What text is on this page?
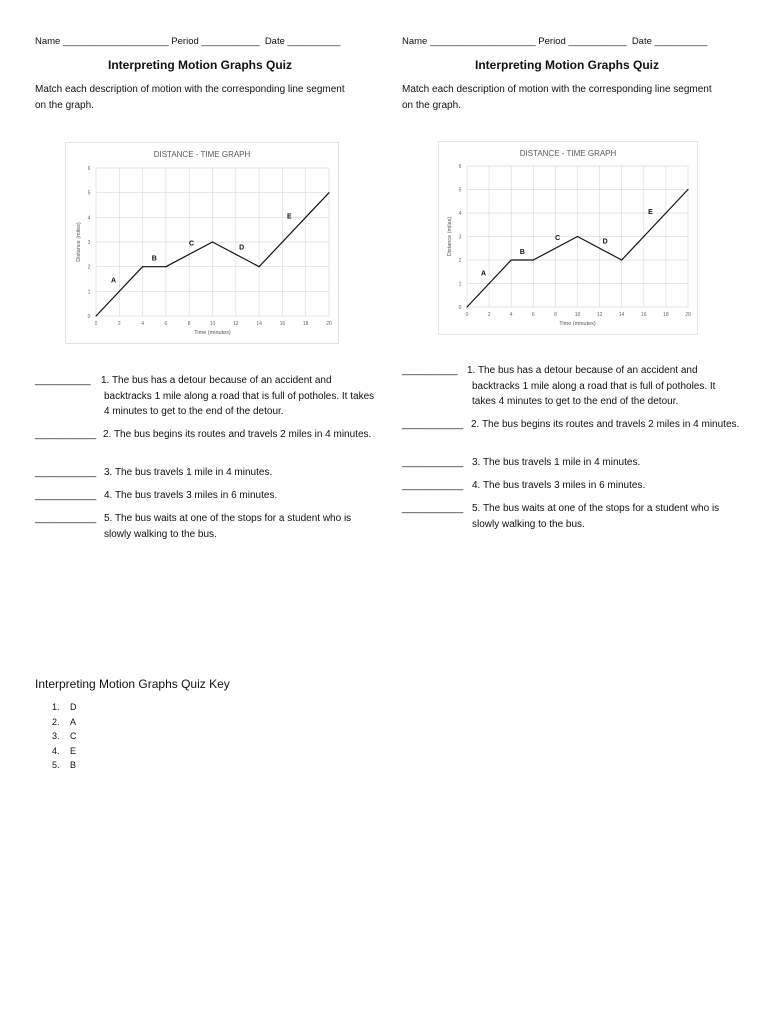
Name ____________________ Period ___________ Date __________
Interpreting Motion Graphs Quiz
Match each description of motion with the corresponding line segment on the graph.
DISTANCE - TIME GRAPH
0	2	4	6	8	10	12	14	16	18	20
0
1
2
3
4
5
6
Time (minutes)
Distance (miles)
A
B
C
D
E
__________	1. The bus has a detour because of an accident and backtracks 1 mile along a road that is full of potholes. It takes 4 minutes to get to the end of the detour.
___________ 2. The bus begins its routes and travels 2 miles in 4 minutes.
___________ 3. The bus travels 1 mile in 4 minutes.
___________ 4. The bus travels 3 miles in 6 minutes.
___________ 5. The bus waits at one of the stops for a student who is slowly walking to the bus.
Name ____________________ Period ___________ Date __________
Interpreting Motion Graphs Quiz
Match each description of motion with the corresponding line segment on the graph.
DISTANCE - TIME GRAPH
0	2	4	6	8	10	12	14	16	18	20
0
1
2
3
4
5
6
Time (minutes)
Distance (miles)
A
B
C
D
E
__________ 1. The bus has a detour because of an accident and backtracks 1 mile along a road that is full of potholes. It takes 4 minutes to get to the end of the detour.
___________ 2. The bus begins its routes and travels 2 miles in 4 minutes.
___________ 3. The bus travels 1 mile in 4 minutes.
___________ 4. The bus travels 3 miles in 6 minutes.
___________ 5. The bus waits at one of the stops for a student who is slowly walking to the bus.
Interpreting Motion Graphs Quiz Key
1.	D
2.	A
3.	C
4.	E
5.	B
